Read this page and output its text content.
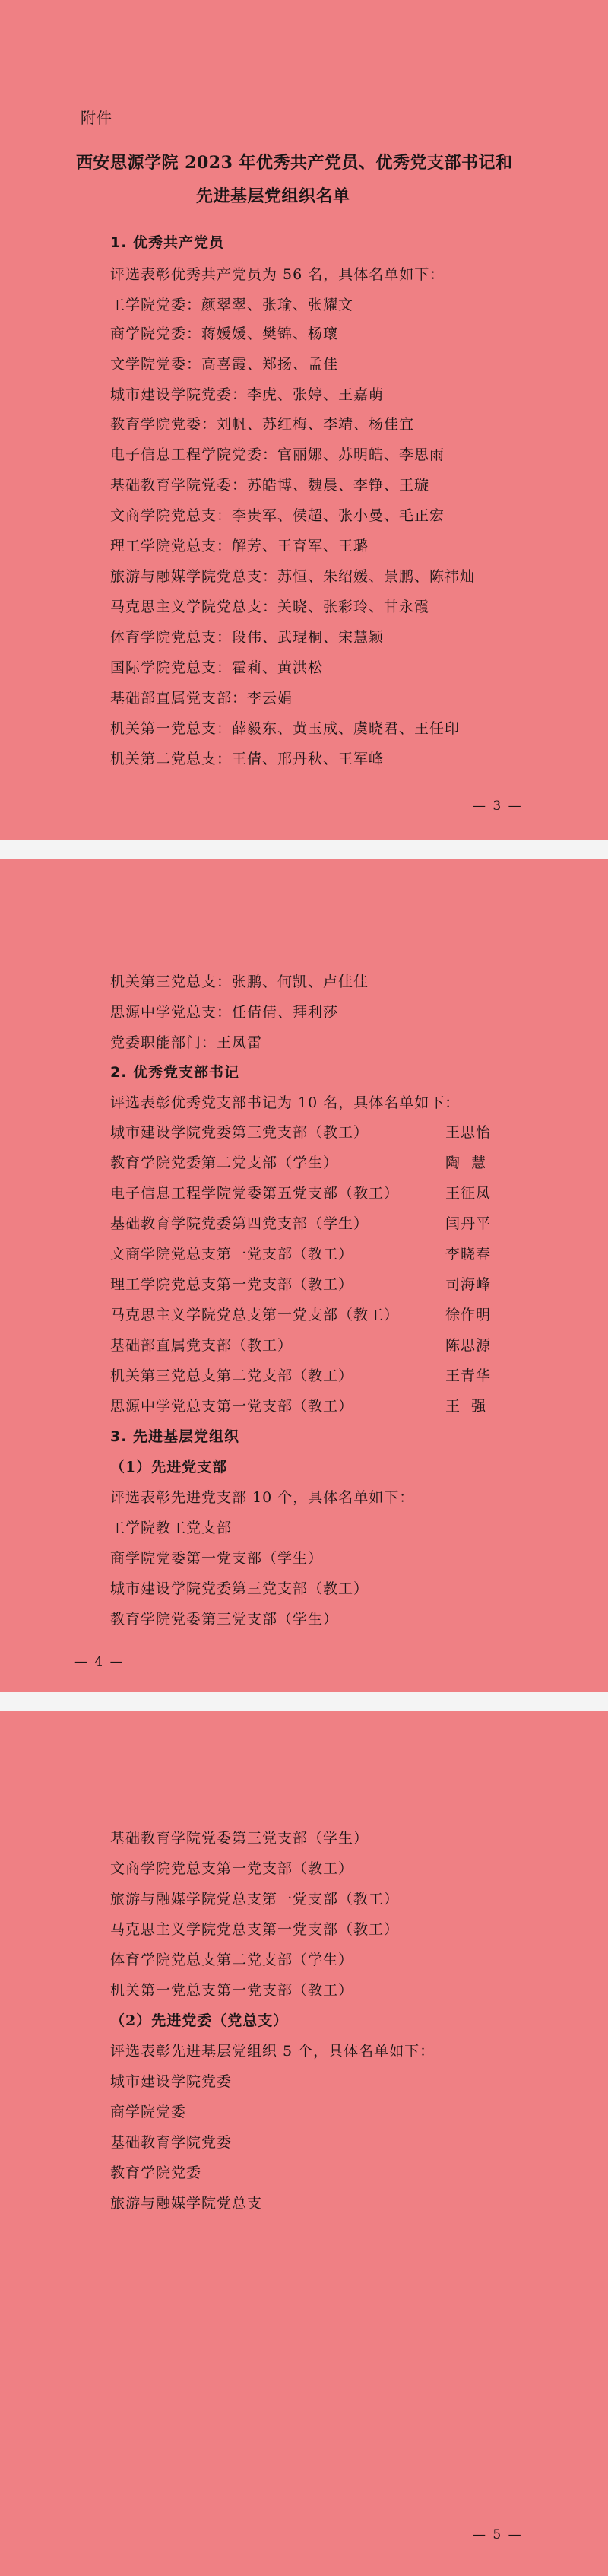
附件
西安思源学院 2023 年优秀共产党员、优秀党支部书记和
先进基层党组织名单
1. 优秀共产党员
评选表彰优秀共产党员为 56 名，具体名单如下：
工学院党委：颜翠翠、张瑜、张耀文
商学院党委：蒋媛媛、樊锦、杨瓌
文学院党委：高喜霞、郑扬、孟佳
城市建设学院党委：李虎、张婷、王嘉萌
教育学院党委：刘帆、苏红梅、李靖、杨佳宜
电子信息工程学院党委：官丽娜、苏明皓、李思雨
基础教育学院党委：苏皓博、魏晨、李铮、王璇
文商学院党总支：李贵军、侯超、张小曼、毛正宏
理工学院党总支：解芳、王育军、王璐
旅游与融媒学院党总支：苏恒、朱绍媛、景鹏、陈祎灿
马克思主义学院党总支：关晓、张彩玲、甘永霞
体育学院党总支：段伟、武琨桐、宋慧颖
国际学院党总支：霍莉、黄洪松
基础部直属党支部：李云娟
机关第一党总支：薛毅东、黄玉成、虞晓君、王任印
机关第二党总支：王倩、邢丹秋、王军峰
— 3 —
机关第三党总支：张鹏、何凯、卢佳佳
思源中学党总支：任倩倩、拜利莎
党委职能部门：王凤雷
2. 优秀党支部书记
评选表彰优秀党支部书记为 10 名，具体名单如下：
城市建设学院党委第三党支部（教工）	王思怡
教育学院党委第二党支部（学生）	陶  慧
电子信息工程学院党委第五党支部（教工）	王征凤
基础教育学院党委第四党支部（学生）	闫丹平
文商学院党总支第一党支部（教工）	李晓春
理工学院党总支第一党支部（教工）	司海峰
马克思主义学院党总支第一党支部（教工）	徐作明
基础部直属党支部（教工）	陈思源
机关第三党总支第二党支部（教工）	王青华
思源中学党总支第一党支部（教工）	王  强
3. 先进基层党组织
（1）先进党支部
评选表彰先进党支部 10 个，具体名单如下：
工学院教工党支部
商学院党委第一党支部（学生）
城市建设学院党委第三党支部（教工）
教育学院党委第三党支部（学生）
— 4 —
基础教育学院党委第三党支部（学生）
文商学院党总支第一党支部（教工）
旅游与融媒学院党总支第一党支部（教工）
马克思主义学院党总支第一党支部（教工）
体育学院党总支第二党支部（学生）
机关第一党总支第一党支部（教工）
（2）先进党委（党总支）
评选表彰先进基层党组织 5 个，具体名单如下：
城市建设学院党委
商学院党委
基础教育学院党委
教育学院党委
旅游与融媒学院党总支
— 5 —
